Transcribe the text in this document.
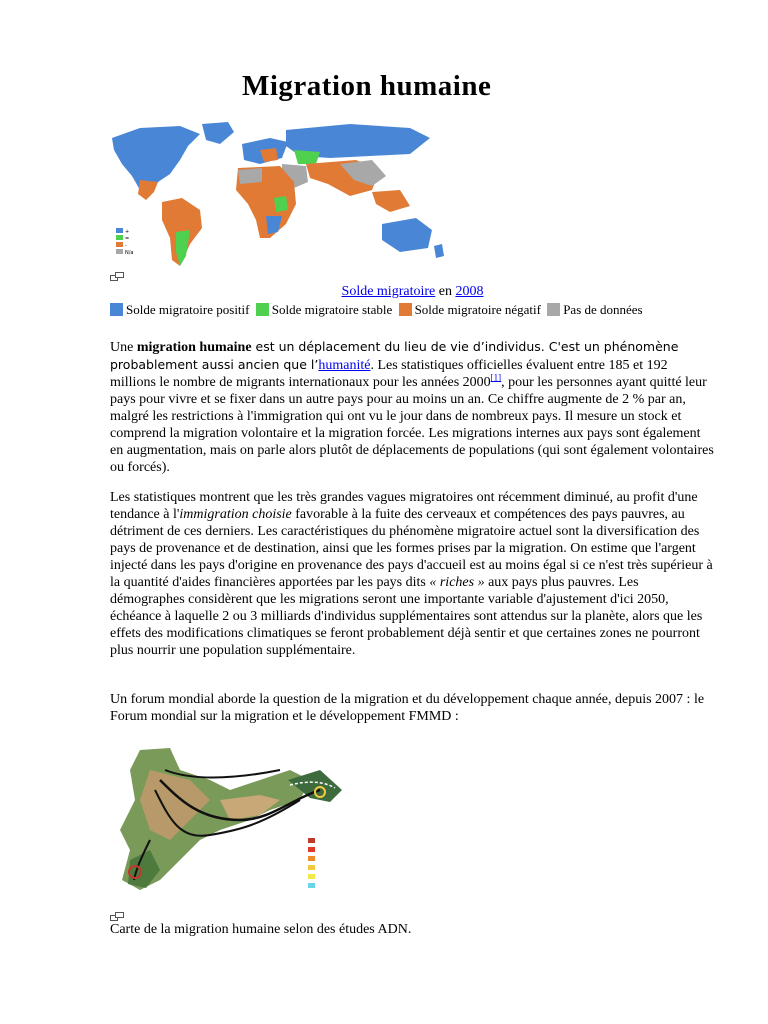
Migration humaine
+
=
-
N/a
Solde migratoire en 2008
Solde migratoire positif Solde migratoire stable Solde migratoire négatif Pas de données

Une migration humaine est un déplacement du lieu de vie d’individus. C'est un phénomène probablement aussi ancien que l’humanité. Les statistiques officielles évaluent entre 185 et 192 millions le nombre de migrants internationaux pour les années 2000[1], pour les personnes ayant quitté leur pays pour vivre et se fixer dans un autre pays pour au moins un an. Ce chiffre augmente de 2 % par an, malgré les restrictions à l'immigration qui ont vu le jour dans de nombreux pays. Il mesure un stock et comprend la migration volontaire et la migration forcée. Les migrations internes aux pays sont également en augmentation, mais on parle alors plutôt de déplacements de populations (qui sont également volontaires ou forcés).

Les statistiques montrent que les très grandes vagues migratoires ont récemment diminué, au profit d'une tendance à l'immigration choisie favorable à la fuite des cerveaux et compétences des pays pauvres, au détriment de ces derniers. Les caractéristiques du phénomène migratoire actuel sont la diversification des pays de provenance et de destination, ainsi que les formes prises par la migration. On estime que l'argent injecté dans les pays d'origine en provenance des pays d'accueil est au moins égal si ce n'est très supérieur à la quantité d'aides financières apportées par les pays dits « riches » aux pays plus pauvres. Les démographes considèrent que les migrations seront une importante variable d'ajustement d'ici 2050, échéance à laquelle 2 ou 3 milliards d'individus supplémentaires sont attendus sur la planète, alors que les effets des modifications climatiques se feront probablement déjà sentir et que certaines zones ne pourront plus nourrir une population supplémentaire.

Un forum mondial aborde la question de la migration et du développement chaque année, depuis 2007 : le Forum mondial sur la migration et le développement FMMD :

Carte de la migration humaine selon des études ADN.
